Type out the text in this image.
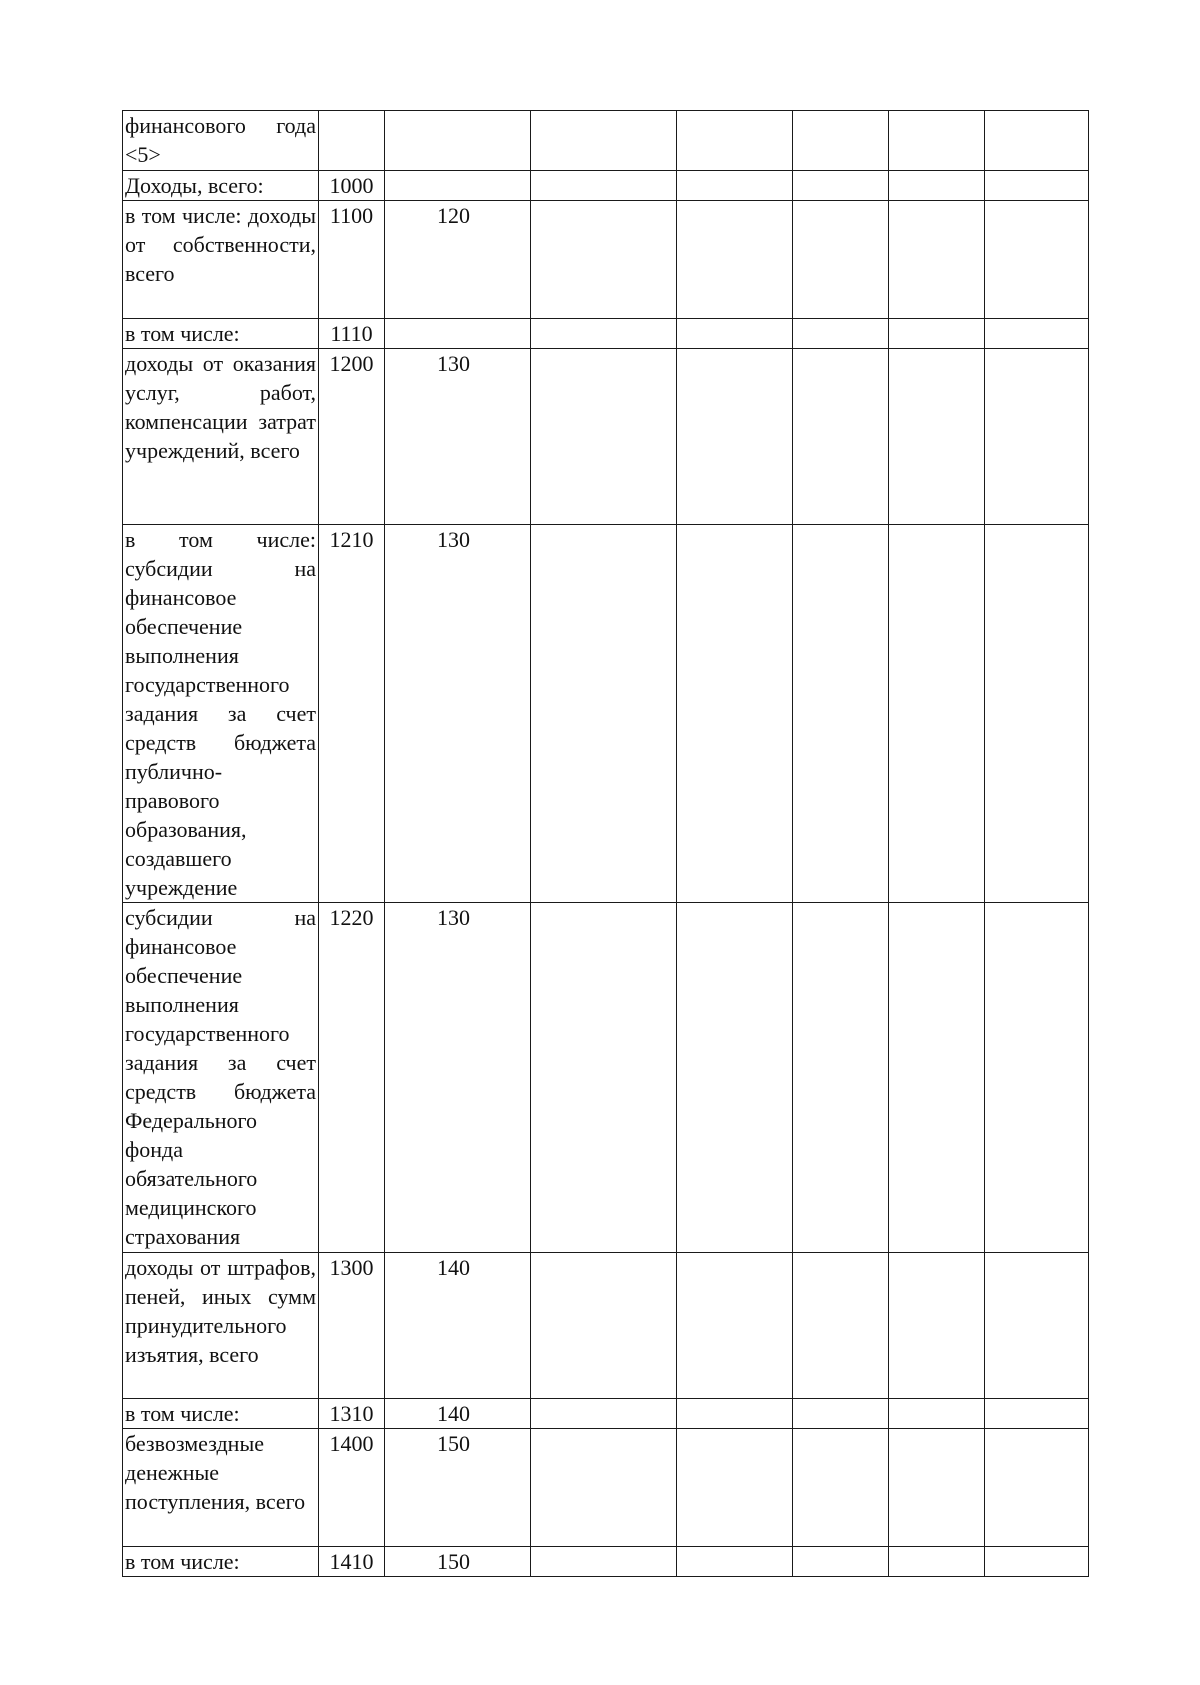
финансового года <5>							
Доходы, всего:	1000						
в том числе: доходы от собственности, всего	1100	120					
в том числе:	1110						
доходы от оказания услуг, работ, компенсации затрат учреждений, всего	1200	130					
в том числе: субсидии на финансовое обеспечение выполнения государственного задания за счет средств бюджета публично-правового образования, создавшего учреждение	1210	130					
субсидии на финансовое обеспечение выполнения государственного задания за счет средств бюджета Федерального фонда обязательного медицинского страхования	1220	130					
доходы от штрафов, пеней, иных сумм принудительного изъятия, всего	1300	140					
в том числе:	1310	140					
безвозмездные денежные поступления, всего	1400	150					
в том числе:	1410	150					
